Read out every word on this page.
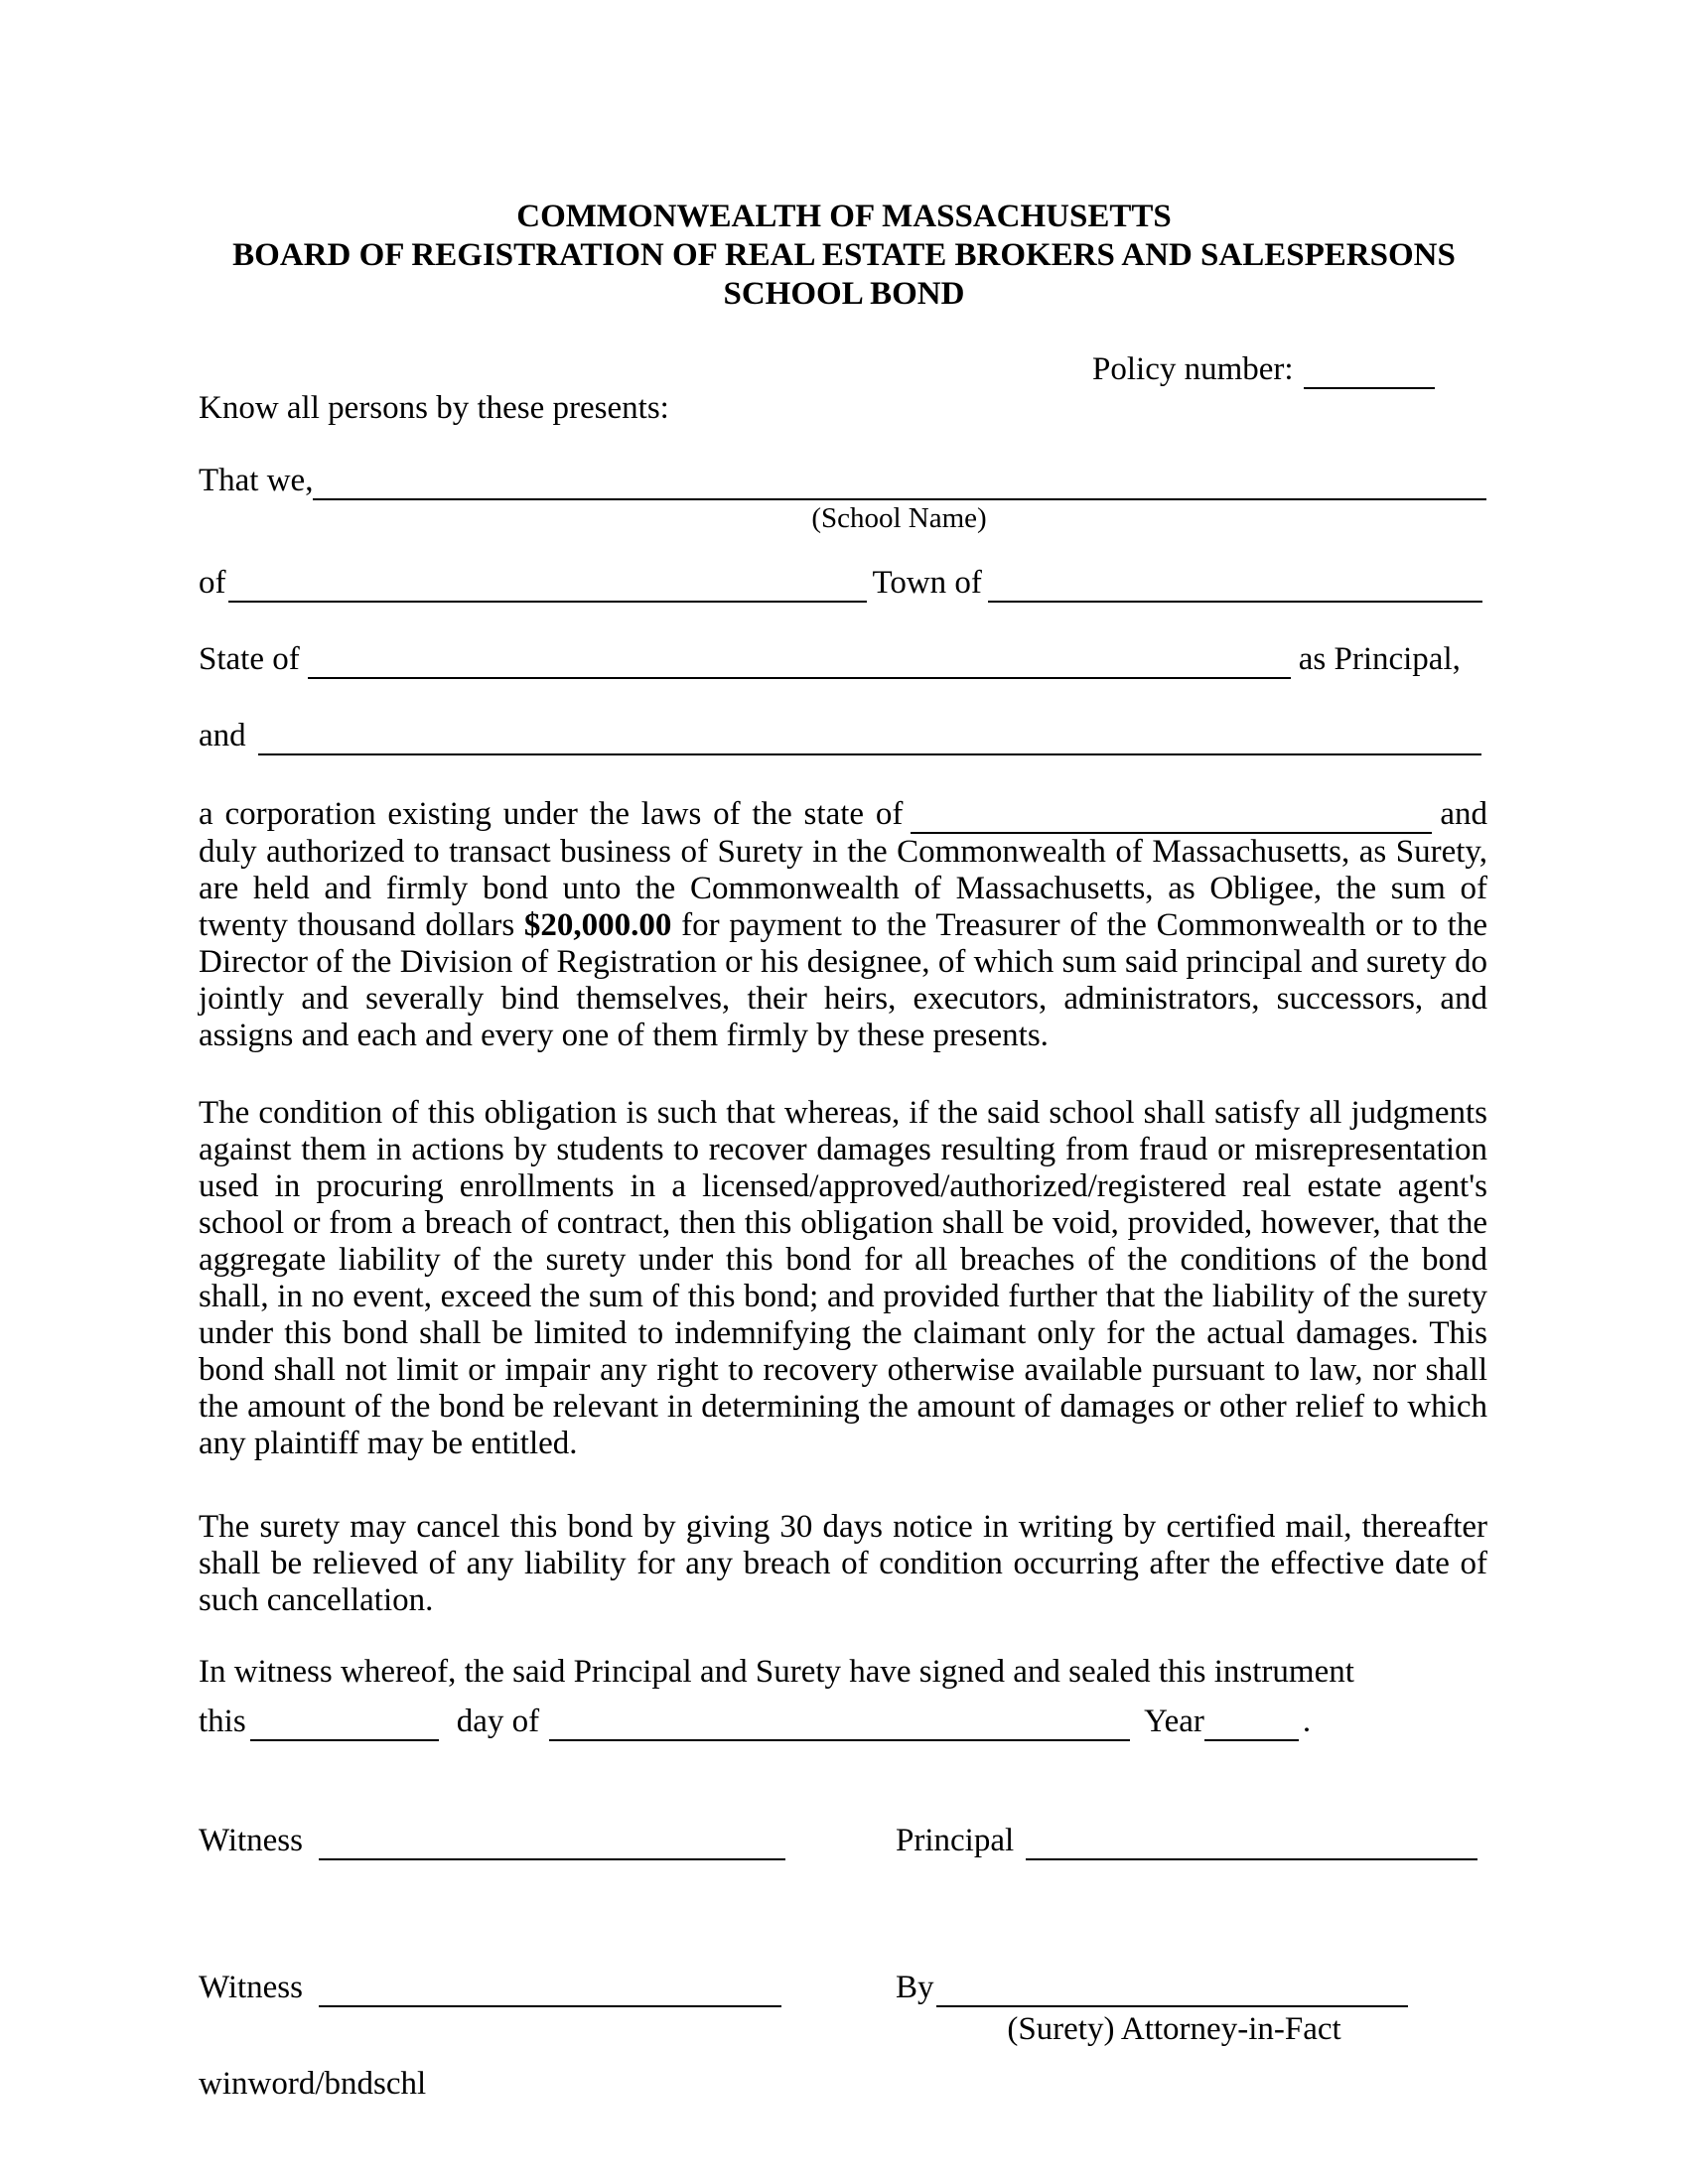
COMMONWEALTH OF MASSACHUSETTS
BOARD OF REGISTRATION OF REAL ESTATE BROKERS AND SALESPERSONS
SCHOOL BOND
Policy number:
Know all persons by these presents:
That we,
(School Name)
of	Town of
State of	as Principal,
and
a corporation existing under the laws of the state of	and duly authorized to transact business of Surety in the Commonwealth of Massachusetts, as Surety, are held and firmly bond unto the Commonwealth of Massachusetts, as Obligee, the sum of twenty thousand dollars $20,000.00 for payment to the Treasurer of the Commonwealth or to the Director of the Division of Registration or his designee, of which sum said principal and surety do jointly and severally bind themselves, their heirs, executors, administrators, successors, and assigns and each and every one of them firmly by these presents.
The condition of this obligation is such that whereas, if the said school shall satisfy all judgments against them in actions by students to recover damages resulting from fraud or misrepresentation used in procuring enrollments in a licensed/approved/authorized/registered real estate agent's school or from a breach of contract, then this obligation shall be void, provided, however, that the aggregate liability of the surety under this bond for all breaches of the conditions of the bond shall, in no event, exceed the sum of this bond; and provided further that the liability of the surety under this bond shall be limited to indemnifying the claimant only for the actual damages. This bond shall not limit or impair any right to recovery otherwise available pursuant to law, nor shall the amount of the bond be relevant in determining the amount of damages or other relief to which any plaintiff may be entitled.
The surety may cancel this bond by giving 30 days notice in writing by certified mail, thereafter shall be relieved of any liability for any breach of condition occurring after the effective date of such cancellation.
In witness whereof, the said Principal and Surety have signed and sealed this instrument
this	day of	Year	.
Witness	Principal
Witness	By
(Surety) Attorney-in-Fact
winword/bndschl
